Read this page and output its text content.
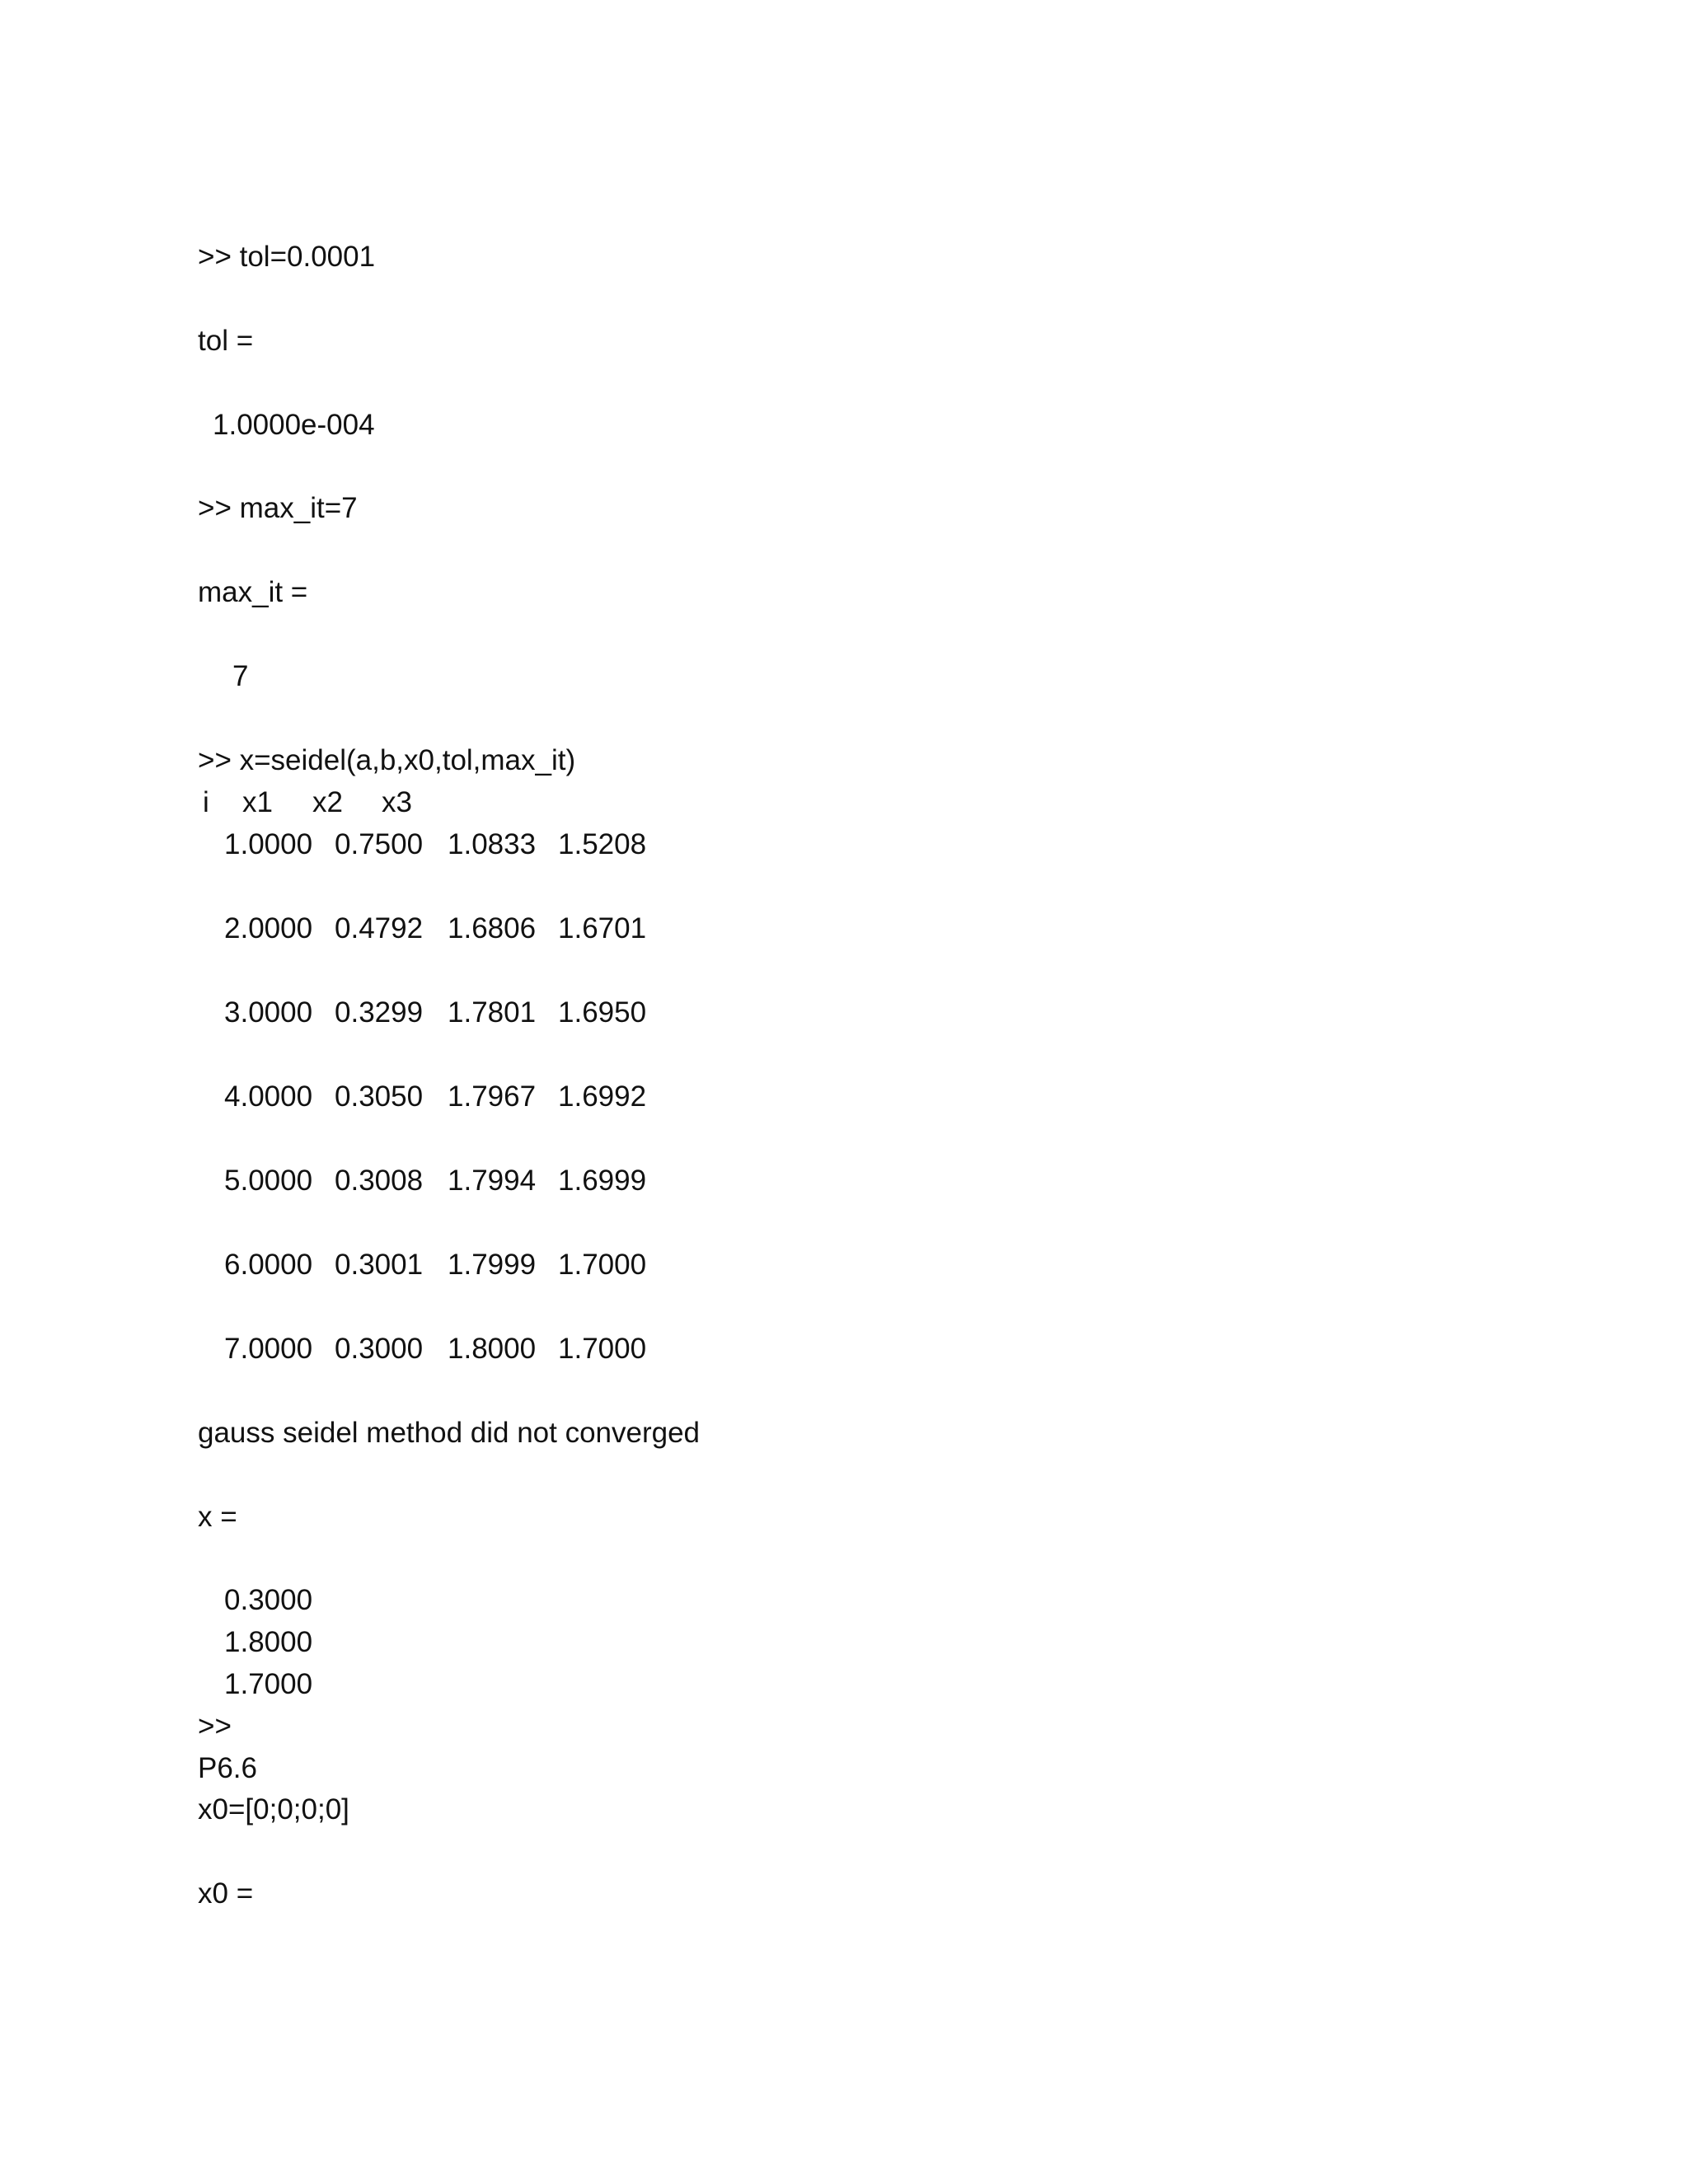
>> tol=0.0001
tol =
1.0000e-004
>> max_it=7
max_it =
7
>> x=seidel(a,b,x0,tol,max_it)
i x1 x2 x3
1.0000 0.7500 1.0833 1.5208
2.0000 0.4792 1.6806 1.6701
3.0000 0.3299 1.7801 1.6950
4.0000 0.3050 1.7967 1.6992
5.0000 0.3008 1.7994 1.6999
6.0000 0.3001 1.7999 1.7000
7.0000 0.3000 1.8000 1.7000
gauss seidel method did not converged
x =
0.3000
1.8000
1.7000
>>
P6.6
x0=[0;0;0;0]
x0 =
